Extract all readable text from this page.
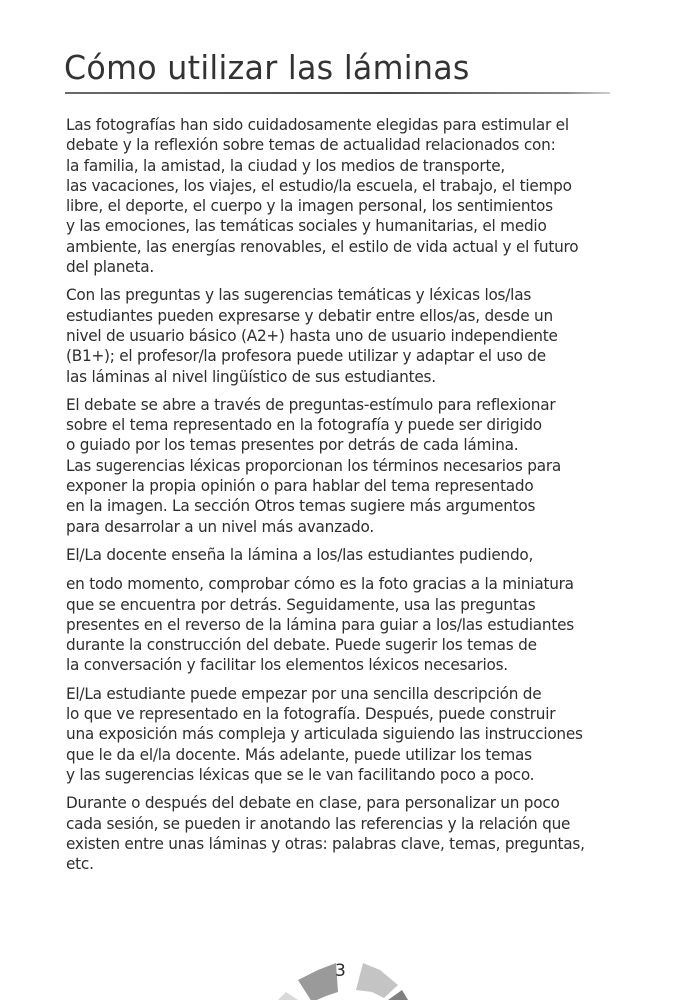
Cómo utilizar las láminas

Las fotografías han sido cuidadosamente elegidas para estimular el
debate y la reflexión sobre temas de actualidad relacionados con:
la familia, la amistad, la ciudad y los medios de transporte,
las vacaciones, los viajes, el estudio/la escuela, el trabajo, el tiempo
libre, el deporte, el cuerpo y la imagen personal, los sentimientos
y las emociones, las temáticas sociales y humanitarias, el medio
ambiente, las energías renovables, el estilo de vida actual y el futuro
del planeta.

Con las preguntas y las sugerencias temáticas y léxicas los/las
estudiantes pueden expresarse y debatir entre ellos/as, desde un
nivel de usuario básico (A2+) hasta uno de usuario independiente
(B1+); el profesor/la profesora puede utilizar y adaptar el uso de
las láminas al nivel lingüístico de sus estudiantes.

El debate se abre a través de preguntas-estímulo para reflexionar
sobre el tema representado en la fotografía y puede ser dirigido
o guiado por los temas presentes por detrás de cada lámina.
Las sugerencias léxicas proporcionan los términos necesarios para
exponer la propia opinión o para hablar del tema representado
en la imagen. La sección Otros temas sugiere más argumentos
para desarrolar a un nivel más avanzado.

El/La docente enseña la lámina a los/las estudiantes pudiendo,

en todo momento, comprobar cómo es la foto gracias a la miniatura
que se encuentra por detrás. Seguidamente, usa las preguntas
presentes en el reverso de la lámina para guiar a los/las estudiantes
durante la construcción del debate. Puede sugerir los temas de
la conversación y facilitar los elementos léxicos necesarios.

El/La estudiante puede empezar por una sencilla descripción de
lo que ve representado en la fotografía. Después, puede construir
una exposición más compleja y articulada siguiendo las instrucciones
que le da el/la docente. Más adelante, puede utilizar los temas
y las sugerencias léxicas que se le van facilitando poco a poco.

Durante o después del debate en clase, para personalizar un poco
cada sesión, se pueden ir anotando las referencias y la relación que
existen entre unas láminas y otras: palabras clave, temas, preguntas,
etc.

3
